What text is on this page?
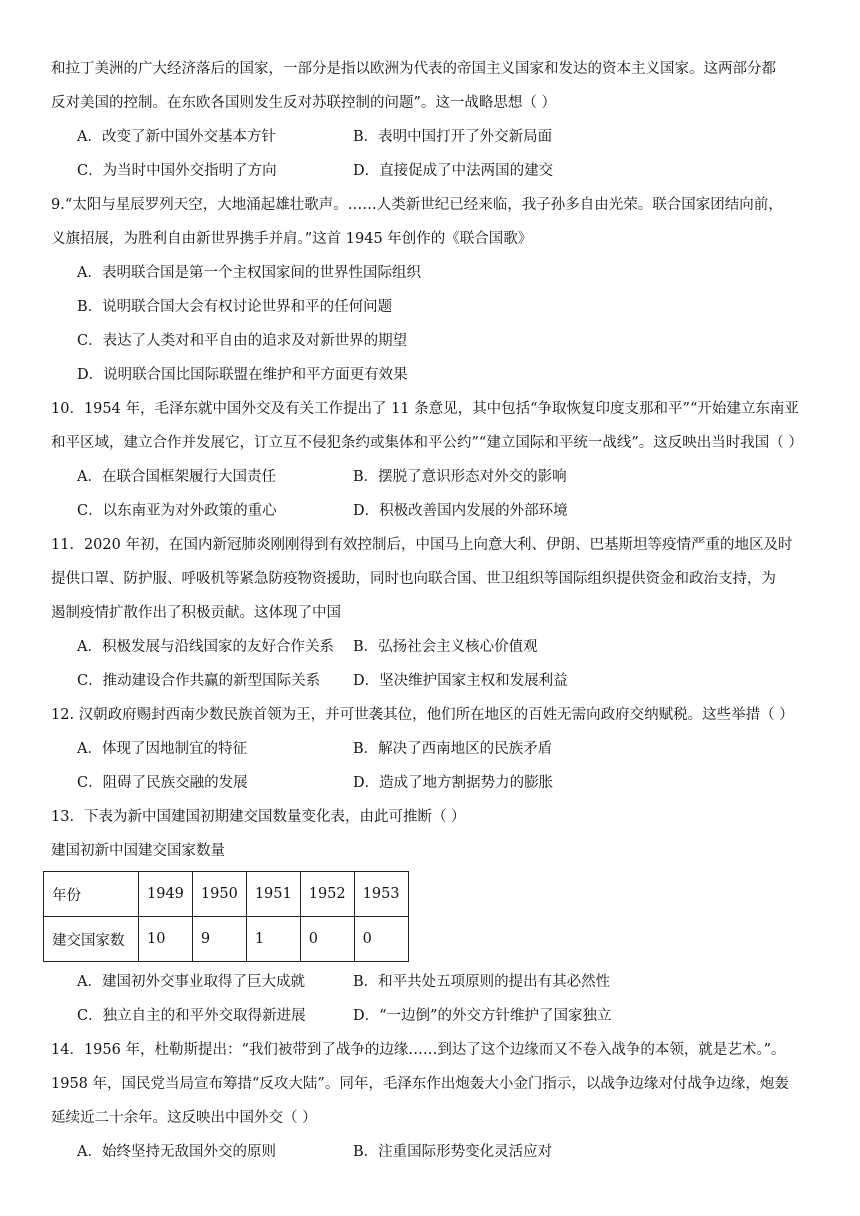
和拉丁美洲的广大经济落后的国家，一部分是指以欧洲为代表的帝国主义国家和发达的资本主义国家。这两部分都
反对美国的控制。在东欧各国则发生反对苏联控制的问题”。这一战略思想（ ）
A．改变了新中国外交基本方针	B．表明中国打开了外交新局面
C．为当时中国外交指明了方向	D．直接促成了中法两国的建交
9.“太阳与星辰罗列天空，大地涌起雄壮歌声。……人类新世纪已经来临，我子孙多自由光荣。联合国家团结向前，
义旗招展，为胜利自由新世界携手并肩。”这首 1945 年创作的《联合国歌》
A．表明联合国是第一个主权国家间的世界性国际组织
B．说明联合国大会有权讨论世界和平的任何问题
C．表达了人类对和平自由的追求及对新世界的期望
D．说明联合国比国际联盟在维护和平方面更有效果
10．1954 年，毛泽东就中国外交及有关工作提出了 11 条意见，其中包括“争取恢复印度支那和平”“开始建立东南亚
和平区域，建立合作并发展它，订立互不侵犯条约或集体和平公约”“建立国际和平统一战线”。这反映出当时我国（ ）
A．在联合国框架履行大国责任	B．摆脱了意识形态对外交的影响
C．以东南亚为对外政策的重心	D．积极改善国内发展的外部环境
11．2020 年初，在国内新冠肺炎刚刚得到有效控制后，中国马上向意大利、伊朗、巴基斯坦等疫情严重的地区及时
提供口罩、防护服、呼吸机等紧急防疫物资援助，同时也向联合国、世卫组织等国际组织提供资金和政治支持，为
遏制疫情扩散作出了积极贡献。这体现了中国
A．积极发展与沿线国家的友好合作关系	B．弘扬社会主义核心价值观
C．推动建设合作共赢的新型国际关系	D．坚决维护国家主权和发展利益
12. 汉朝政府赐封西南少数民族首领为王，并可世袭其位，他们所在地区的百姓无需向政府交纳赋税。这些举措（ ）
A．体现了因地制宜的特征	B．解决了西南地区的民族矛盾
C．阻碍了民族交融的发展	D．造成了地方割据势力的膨胀
13．下表为新中国建国初期建交国数量变化表，由此可推断（ ）
建国初新中国建交国家数量
年份	1949	1950	1951	1952	1953
建交国家数	10	9	1	0	0
A．建国初外交事业取得了巨大成就	B．和平共处五项原则的提出有其必然性
C．独立自主的和平外交取得新进展	D．“一边倒”的外交方针维护了国家独立
14．1956 年，杜勒斯提出：“我们被带到了战争的边缘……到达了这个边缘而又不卷入战争的本领，就是艺术。”。
1958 年，国民党当局宣布筹措“反攻大陆”。同年，毛泽东作出炮轰大小金门指示，以战争边缘对付战争边缘，炮轰
延续近二十余年。这反映出中国外交（ ）
A．始终坚持无敌国外交的原则	B．注重国际形势变化灵活应对
